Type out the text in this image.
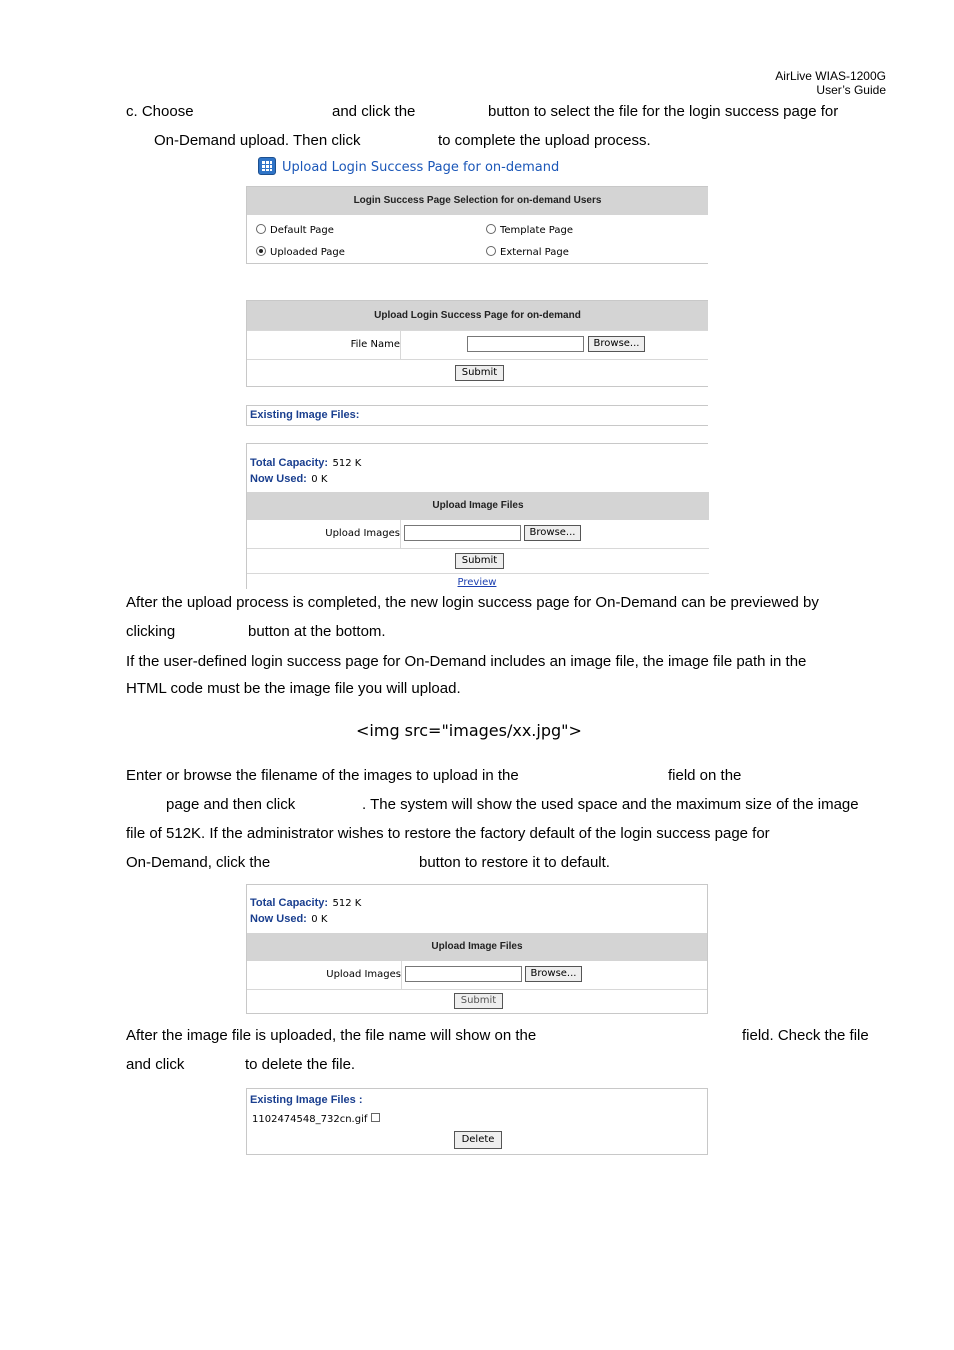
AirLive WIAS-1200G
User’s Guide
c. Choose	and click the	button to select the file for the login success page for
On-Demand upload. Then click	to complete the upload process.
Upload Login Success Page for on-demand
Login Success Page Selection for on-demand Users
Default Page	Template Page
Uploaded Page	External Page
Upload Login Success Page for on-demand
File Name	Browse...
Submit
Existing Image Files:
Total Capacity: 512 K
Now Used: 0 K
Upload Image Files
Upload Images	Browse...
Submit
Preview
After the upload process is completed, the new login success page for On-Demand can be previewed by
clicking	button at the bottom.
If the user-defined login success page for On-Demand includes an image file, the image file path in the
HTML code must be the image file you will upload.
<img src="images/xx.jpg">
Enter or browse the filename of the images to upload in the	field on the
page and then click	. The system will show the used space and the maximum size of the image
file of 512K. If the administrator wishes to restore the factory default of the login success page for
On-Demand, click the	button to restore it to default.
Total Capacity: 512 K
Now Used: 0 K
Upload Image Files
Upload Images	Browse...
Submit
After the image file is uploaded, the file name will show on the	field. Check the file
and click	to delete the file.
Existing Image Files :
1102474548_732cn.gif
Delete
